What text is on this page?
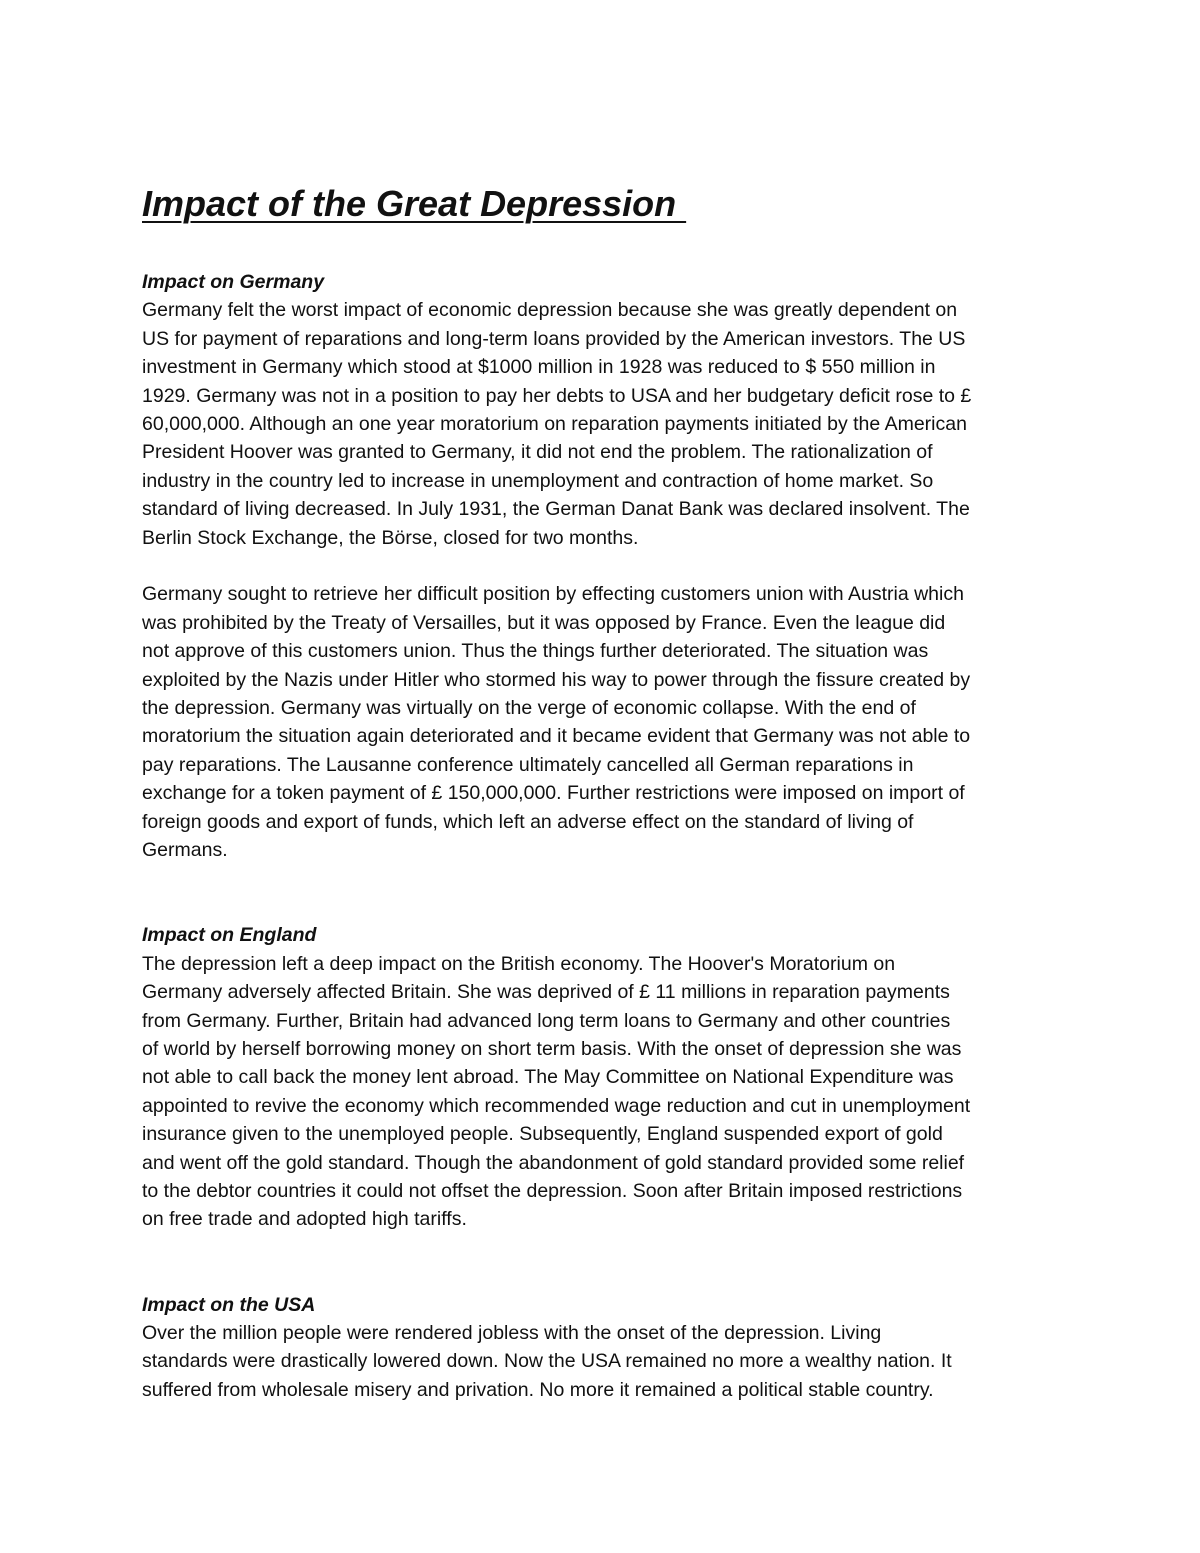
Impact of the Great Depression
Impact on Germany

Germany felt the worst impact of economic depression because she was greatly dependent on
US for payment of reparations and long-term loans provided by the American investors. The US
investment in Germany which stood at $1000 million in 1928 was reduced to $ 550 million in
1929. Germany was not in a position to pay her debts to USA and her budgetary deficit rose to £
60,000,000. Although an one year moratorium on reparation payments initiated by the American
President Hoover was granted to Germany, it did not end the problem. The rationalization of
industry in the country led to increase in unemployment and contraction of home market. So
standard of living decreased. In July 1931, the German Danat Bank was declared insolvent. The
Berlin Stock Exchange, the Börse, closed for two months.

Germany sought to retrieve her difficult position by effecting customers union with Austria which
was prohibited by the Treaty of Versailles, but it was opposed by France. Even the league did
not approve of this customers union. Thus the things further deteriorated. The situation was
exploited by the Nazis under Hitler who stormed his way to power through the fissure created by
the depression. Germany was virtually on the verge of economic collapse. With the end of
moratorium the situation again deteriorated and it became evident that Germany was not able to
pay reparations. The Lausanne conference ultimately cancelled all German reparations in
exchange for a token payment of £ 150,000,000. Further restrictions were imposed on import of
foreign goods and export of funds, which left an adverse effect on the standard of living of
Germans.

Impact on England

The depression left a deep impact on the British economy. The Hoover's Moratorium on
Germany adversely affected Britain. She was deprived of £ 11 millions in reparation payments
from Germany. Further, Britain had advanced long term loans to Germany and other countries
of world by herself borrowing money on short term basis. With the onset of depression she was
not able to call back the money lent abroad. The May Committee on National Expenditure was
appointed to revive the economy which recommended wage reduction and cut in unemployment
insurance given to the unemployed people. Subsequently, England suspended export of gold
and went off the gold standard. Though the abandonment of gold standard provided some relief
to the debtor countries it could not offset the depression. Soon after Britain imposed restrictions
on free trade and adopted high tariffs.

Impact on the USA

Over the million people were rendered jobless with the onset of the depression. Living
standards were drastically lowered down. Now the USA remained no more a wealthy nation. It
suffered from wholesale misery and privation. No more it remained a political stable country.
